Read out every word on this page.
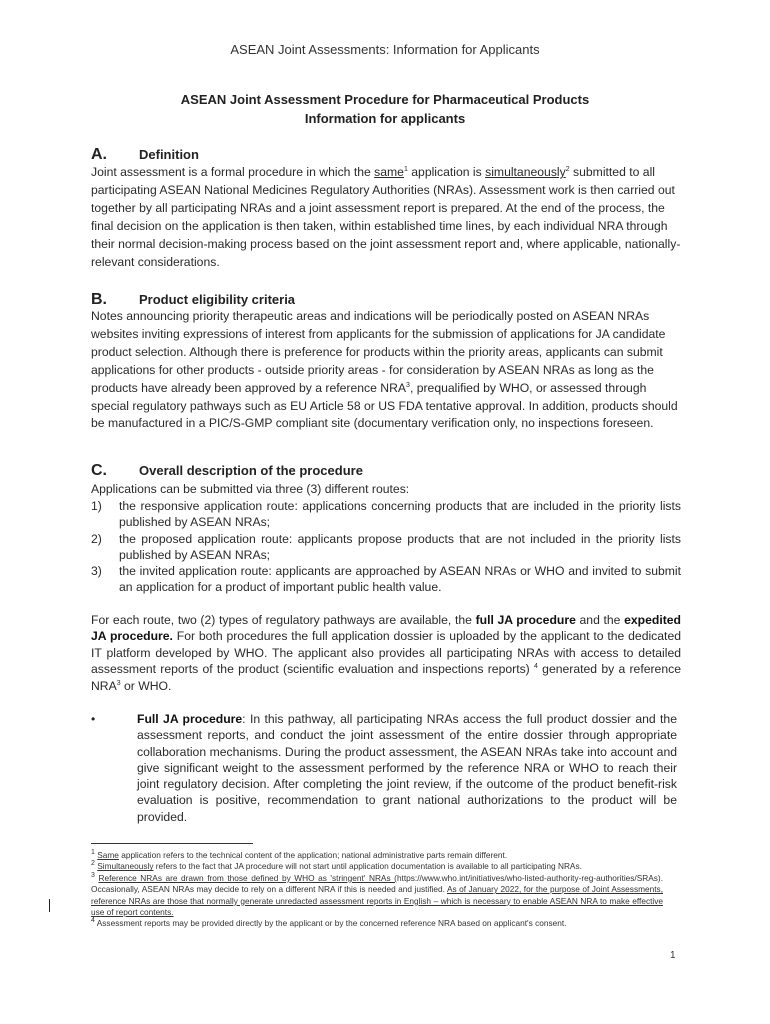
ASEAN Joint Assessments: Information for Applicants
ASEAN Joint Assessment Procedure for Pharmaceutical Products
Information for applicants
A. Definition
Joint assessment is a formal procedure in which the same$^1$ application is simultaneously$^2$ submitted to all participating ASEAN National Medicines Regulatory Authorities (NRAs). Assessment work is then carried out together by all participating NRAs and a joint assessment report is prepared. At the end of the process, the final decision on the application is then taken, within established time lines, by each individual NRA through their normal decision-making process based on the joint assessment report and, where applicable, nationally-relevant considerations.
B. Product eligibility criteria
Notes announcing priority therapeutic areas and indications will be periodically posted on ASEAN NRAs websites inviting expressions of interest from applicants for the submission of applications for JA candidate product selection. Although there is preference for products within the priority areas, applicants can submit applications for other products - outside priority areas - for consideration by ASEAN NRAs as long as the products have already been approved by a reference NRA$^3$, prequalified by WHO, or assessed through special regulatory pathways such as EU Article 58 or US FDA tentative approval. In addition, products should be manufactured in a PIC/S-GMP compliant site (documentary verification only, no inspections foreseen.
C. Overall description of the procedure
Applications can be submitted via three (3) different routes:
1) the responsive application route: applications concerning products that are included in the priority lists published by ASEAN NRAs;
2) the proposed application route: applicants propose products that are not included in the priority lists published by ASEAN NRAs;
3) the invited application route: applicants are approached by ASEAN NRAs or WHO and invited to submit an application for a product of important public health value.
For each route, two (2) types of regulatory pathways are available, the full JA procedure and the expedited JA procedure. For both procedures the full application dossier is uploaded by the applicant to the dedicated IT platform developed by WHO. The applicant also provides all participating NRAs with access to detailed assessment reports of the product (scientific evaluation and inspections reports) $^4$ generated by a reference NRA$^3$ or WHO.
•	Full JA procedure: In this pathway, all participating NRAs access the full product dossier and the assessment reports, and conduct the joint assessment of the entire dossier through appropriate collaboration mechanisms. During the product assessment, the ASEAN NRAs take into account and give significant weight to the assessment performed by the reference NRA or WHO to reach their joint regulatory decision. After completing the joint review, if the outcome of the product benefit-risk evaluation is positive, recommendation to grant national authorizations to the product will be provided.
$^1$ Same application refers to the technical content of the application; national administrative parts remain different.
$^2$ Simultaneously refers to the fact that JA procedure will not start until application documentation is available to all participating NRAs.
$^3$ Reference NRAs are drawn from those defined by WHO as 'stringent' NRAs (https://www.who.int/initiatives/who-listed-authority-reg-authorities/SRAs). Occasionally, ASEAN NRAs may decide to rely on a different NRA if this is needed and justified. As of January 2022, for the purpose of Joint Assessments, reference NRAs are those that normally generate unredacted assessment reports in English – which is necessary to enable ASEAN NRA to make effective use of report contents.
$^4$ Assessment reports may be provided directly by the applicant or by the concerned reference NRA based on applicant's consent.
1
